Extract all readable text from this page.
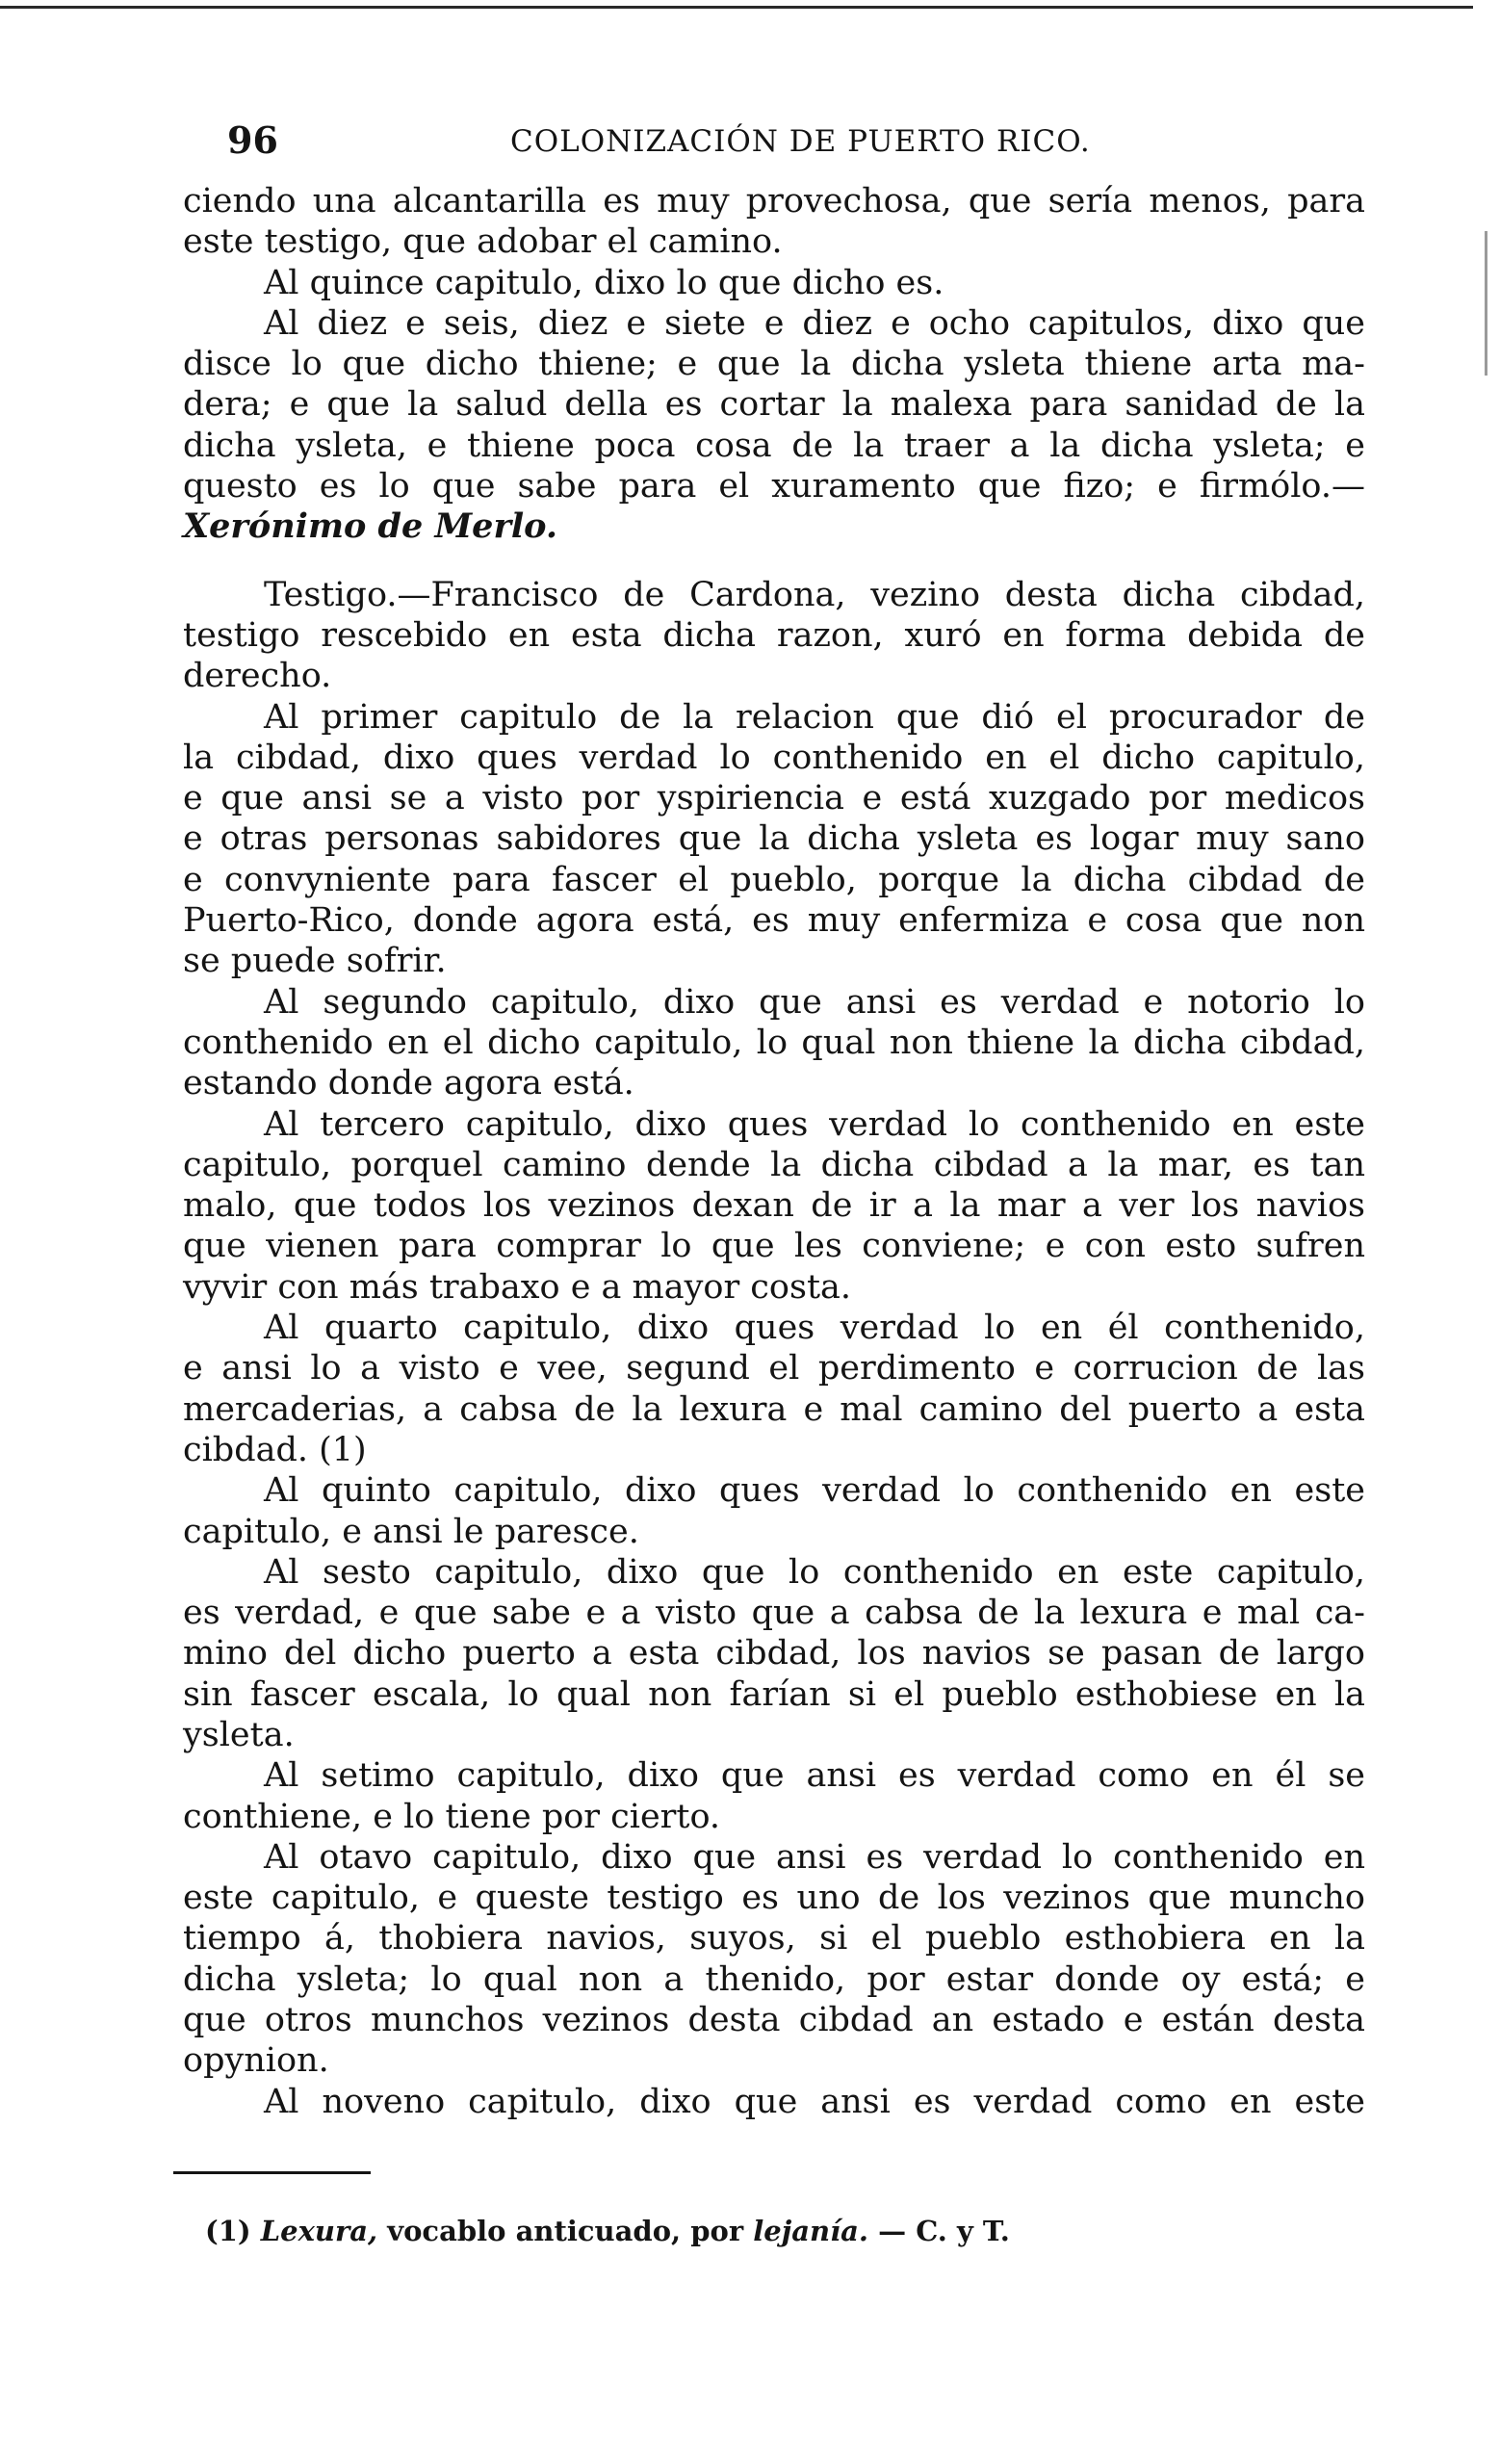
96	COLONIZACIÓN DE PUERTO RICO.
ciendo una alcantarilla es muy provechosa, que sería menos, para
este testigo, que adobar el camino.
Al quince capitulo, dixo lo que dicho es.
Al diez e seis, diez e siete e diez e ocho capitulos, dixo que
disce lo que dicho thiene; e que la dicha ysleta thiene arta ma-
dera; e que la salud della es cortar la malexa para sanidad de la
dicha ysleta, e thiene poca cosa de la traer a la dicha ysleta; e
questo es lo que sabe para el xuramento que fizo; e firmólo.—
Xerónimo de Merlo.
Testigo.—Francisco de Cardona, vezino desta dicha cibdad,
testigo rescebido en esta dicha razon, xuró en forma debida de
derecho.
Al primer capitulo de la relacion que dió el procurador de
la cibdad, dixo ques verdad lo conthenido en el dicho capitulo,
e que ansi se a visto por yspiriencia e está xuzgado por medicos
e otras personas sabidores que la dicha ysleta es logar muy sano
e convyniente para fascer el pueblo, porque la dicha cibdad de
Puerto-Rico, donde agora está, es muy enfermiza e cosa que non
se puede sofrir.
Al segundo capitulo, dixo que ansi es verdad e notorio lo
conthenido en el dicho capitulo, lo qual non thiene la dicha cibdad,
estando donde agora está.
Al tercero capitulo, dixo ques verdad lo conthenido en este
capitulo, porquel camino dende la dicha cibdad a la mar, es tan
malo, que todos los vezinos dexan de ir a la mar a ver los navios
que vienen para comprar lo que les conviene; e con esto sufren
vyvir con más trabaxo e a mayor costa.
Al quarto capitulo, dixo ques verdad lo en él conthenido,
e ansi lo a visto e vee, segund el perdimento e corrucion de las
mercaderias, a cabsa de la lexura e mal camino del puerto a esta
cibdad. (1)
Al quinto capitulo, dixo ques verdad lo conthenido en este
capitulo, e ansi le paresce.
Al sesto capitulo, dixo que lo conthenido en este capitulo,
es verdad, e que sabe e a visto que a cabsa de la lexura e mal ca-
mino del dicho puerto a esta cibdad, los navios se pasan de largo
sin fascer escala, lo qual non farían si el pueblo esthobiese en la
ysleta.
Al setimo capitulo, dixo que ansi es verdad como en él se
conthiene, e lo tiene por cierto.
Al otavo capitulo, dixo que ansi es verdad lo conthenido en
este capitulo, e queste testigo es uno de los vezinos que muncho
tiempo á, thobiera navios, suyos, si el pueblo esthobiera en la
dicha ysleta; lo qual non a thenido, por estar donde oy está; e
que otros munchos vezinos desta cibdad an estado e están desta
opynion.
Al noveno capitulo, dixo que ansi es verdad como en este
(1) Lexura, vocablo anticuado, por lejanía. — C. y T.
